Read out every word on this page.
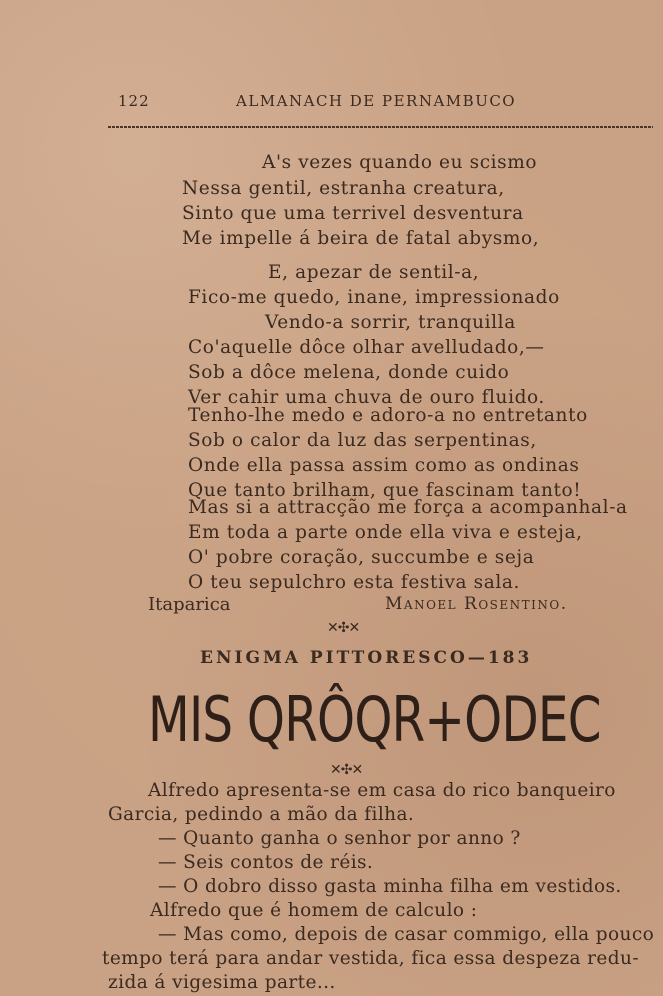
122	ALMANACH DE PERNAMBUCO
A's vezes quando eu scismo
Nessa gentil, estranha creatura,
Sinto que uma terrivel desventura
Me impelle á beira de fatal abysmo,
E, apezar de sentil-a,
Fico-me quedo, inane, impressionado
Vendo-a sorrir, tranquilla
Co'aquelle dôce olhar avelludado,—
Sob a dôce melena, donde cuido
Ver cahir uma chuva de ouro fluido.
Tenho-lhe medo e adoro-a no entretanto
Sob o calor da luz das serpentinas,
Onde ella passa assim como as ondinas
Que tanto brilham, que fascinam tanto!
Mas si a attracção me força a acompanhal-a
Em toda a parte onde ella viva e esteja,
O' pobre coração, succumbe e seja
O teu sepulchro esta festiva sala.
Itaparica	Manoel Rosentino.
✕✣✕
ENIGMA PITTORESCO—183
MIS QRÔQR+ODEC
✕✣✕
Alfredo apresenta-se em casa do rico banqueiro
Garcia, pedindo a mão da filha.
— Quanto ganha o senhor por anno ?
— Seis contos de réis.
— O dobro disso gasta minha filha em vestidos.
Alfredo que é homem de calculo :
— Mas como, depois de casar commigo, ella pouco
tempo terá para andar vestida, fica essa despeza redu-
zida á vigesima parte...
